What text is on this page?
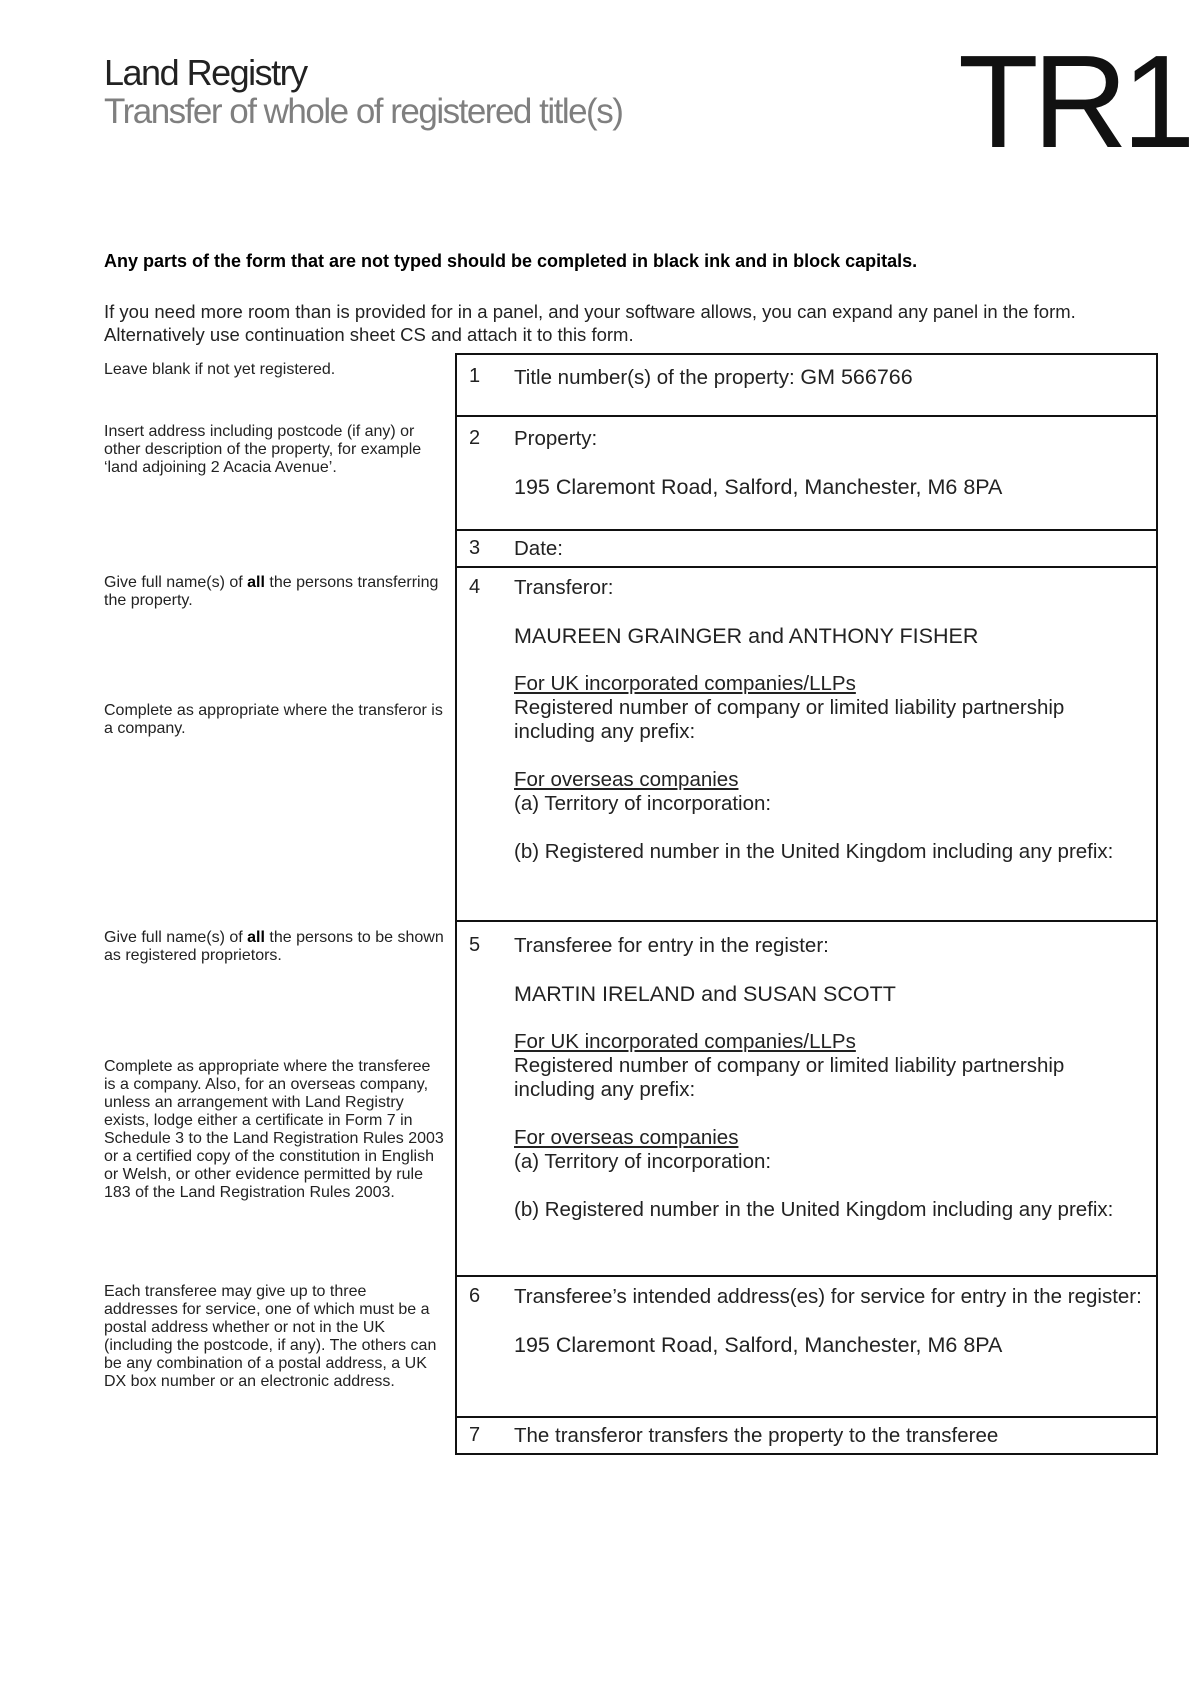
Land Registry
Transfer of whole of registered title(s)	TR1
Any parts of the form that are not typed should be completed in black ink and in block capitals.
If you need more room than is provided for in a panel, and your software allows, you can expand any panel in the form. Alternatively use continuation sheet CS and attach it to this form.
Leave blank if not yet registered.
Insert address including postcode (if any) or other description of the property, for example ‘land adjoining 2 Acacia Avenue’.
Give full name(s) of all the persons transferring the property.
Complete as appropriate where the transferor is a company.
Give full name(s) of all the persons to be shown as registered proprietors.
Complete as appropriate where the transferee is a company. Also, for an overseas company, unless an arrangement with Land Registry exists, lodge either a certificate in Form 7 in Schedule 3 to the Land Registration Rules 2003 or a certified copy of the constitution in English or Welsh, or other evidence permitted by rule 183 of the Land Registration Rules 2003.
Each transferee may give up to three addresses for service, one of which must be a postal address whether or not in the UK (including the postcode, if any). The others can be any combination of a postal address, a UK DX box number or an electronic address.
1 Title number(s) of the property: GM 566766

2 Property:

195 Claremont Road, Salford, Manchester, M6 8PA

3 Date:

4 Transferor:

MAUREEN GRAINGER and ANTHONY FISHER

For UK incorporated companies/LLPs

Registered number of company or limited liability partnership including any prefix:

For overseas companies

(a) Territory of incorporation:

(b) Registered number in the United Kingdom including any prefix:

5 Transferee for entry in the register:

MARTIN IRELAND and SUSAN SCOTT

For UK incorporated companies/LLPs

Registered number of company or limited liability partnership including any prefix:

For overseas companies

(a) Territory of incorporation:

(b) Registered number in the United Kingdom including any prefix:

6 Transferee’s intended address(es) for service for entry in the register:

195 Claremont Road, Salford, Manchester, M6 8PA

7 The transferor transfers the property to the transferee
